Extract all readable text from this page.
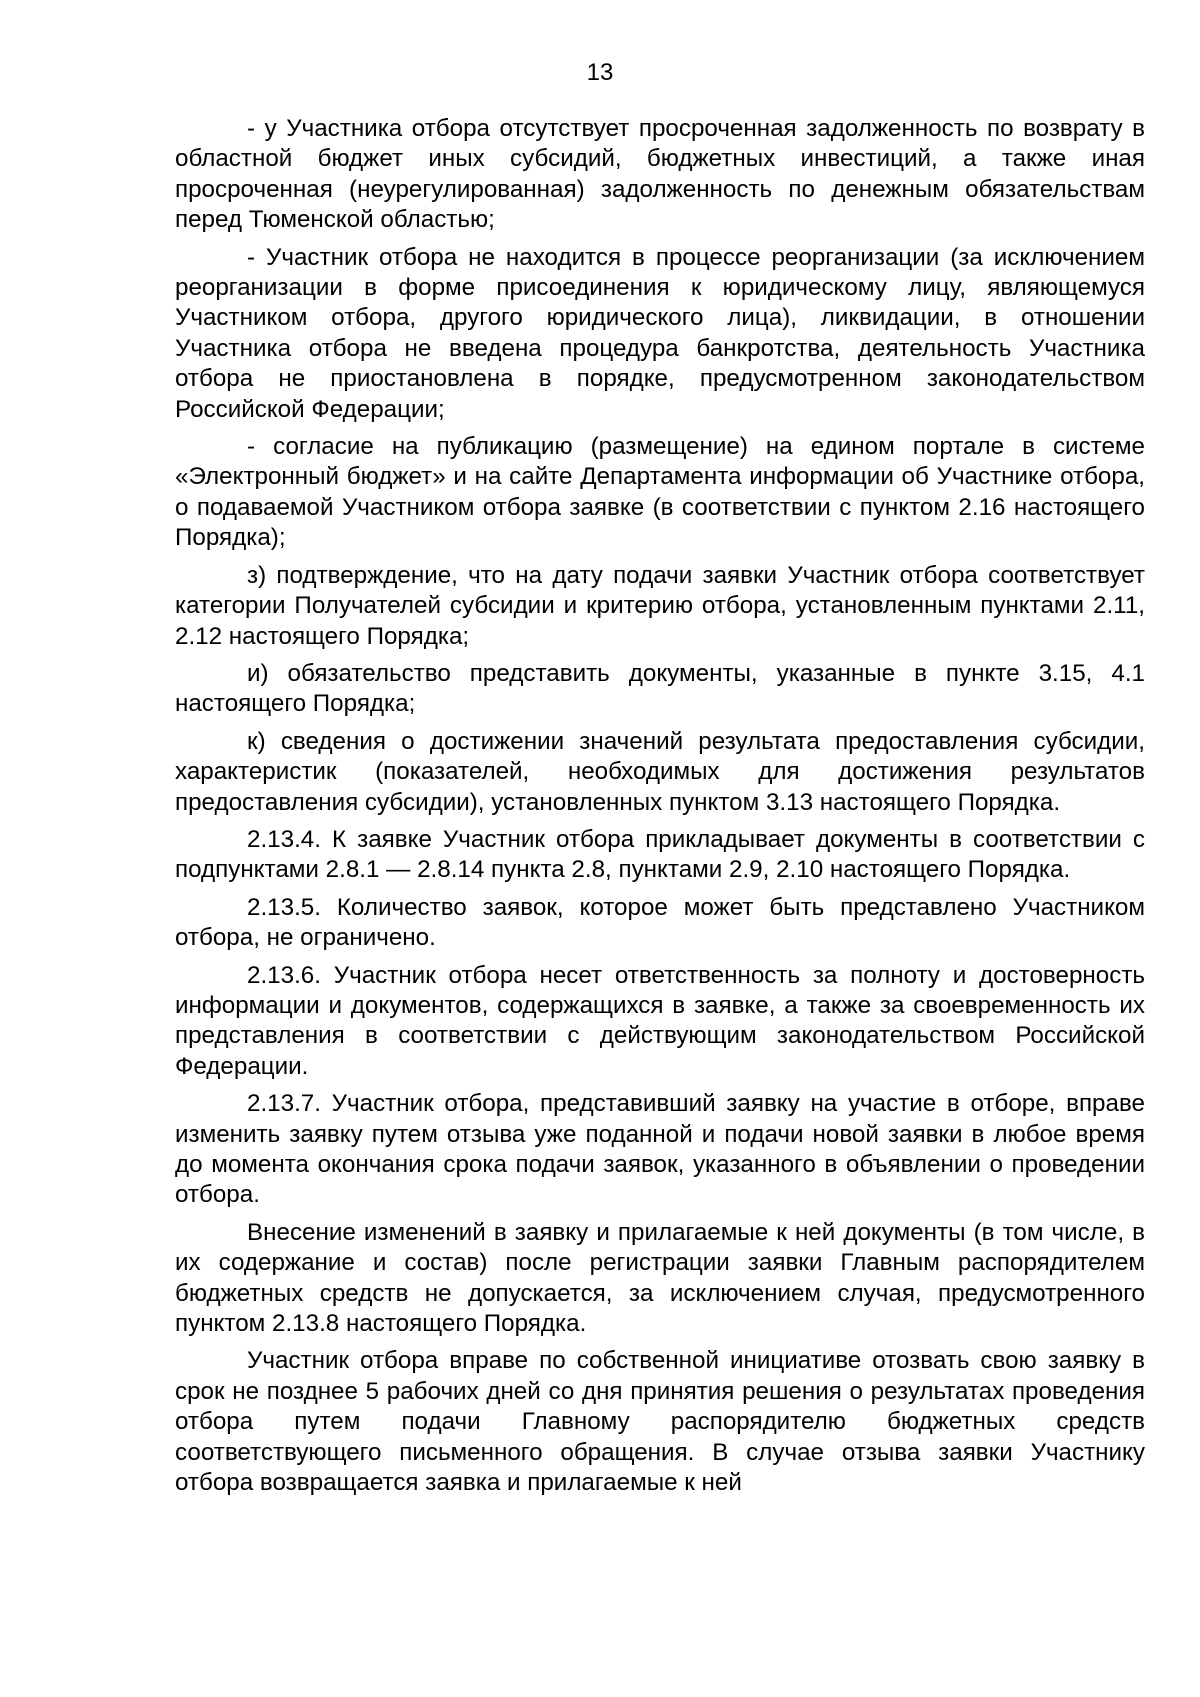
13

- у Участника отбора отсутствует просроченная задолженность по возврату в областной бюджет иных субсидий, бюджетных инвестиций, а также иная просроченная (неурегулированная) задолженность по денежным обязательствам перед Тюменской областью;

- Участник отбора не находится в процессе реорганизации (за исключением реорганизации в форме присоединения к юридическому лицу, являющемуся Участником отбора, другого юридического лица), ликвидации, в отношении Участника отбора не введена процедура банкротства, деятельность Участника отбора не приостановлена в порядке, предусмотренном законодательством Российской Федерации;

- согласие на публикацию (размещение) на едином портале в системе «Электронный бюджет» и на сайте Департамента информации об Участнике отбора, о подаваемой Участником отбора заявке (в соответствии с пунктом 2.16 настоящего Порядка);

з) подтверждение, что на дату подачи заявки Участник отбора соответствует категории Получателей субсидии и критерию отбора, установленным пунктами 2.11, 2.12 настоящего Порядка;

и) обязательство представить документы, указанные в пункте 3.15, 4.1 настоящего Порядка;

к) сведения о достижении значений результата предоставления субсидии, характеристик (показателей, необходимых для достижения результатов предоставления субсидии), установленных пунктом 3.13 настоящего Порядка.

2.13.4. К заявке Участник отбора прикладывает документы в соответствии с подпунктами 2.8.1 — 2.8.14 пункта 2.8, пунктами 2.9, 2.10 настоящего Порядка.

2.13.5. Количество заявок, которое может быть представлено Участником отбора, не ограничено.

2.13.6. Участник отбора несет ответственность за полноту и достоверность информации и документов, содержащихся в заявке, а также за своевременность их представления в соответствии с действующим законодательством Российской Федерации.

2.13.7. Участник отбора, представивший заявку на участие в отборе, вправе изменить заявку путем отзыва уже поданной и подачи новой заявки в любое время до момента окончания срока подачи заявок, указанного в объявлении о проведении отбора.

Внесение изменений в заявку и прилагаемые к ней документы (в том числе, в их содержание и состав) после регистрации заявки Главным распорядителем бюджетных средств не допускается, за исключением случая, предусмотренного пунктом 2.13.8 настоящего Порядка.

Участник отбора вправе по собственной инициативе отозвать свою заявку в срок не позднее 5 рабочих дней со дня принятия решения о результатах проведения отбора путем подачи Главному распорядителю бюджетных средств соответствующего письменного обращения. В случае отзыва заявки Участнику отбора возвращается заявка и прилагаемые к ней
